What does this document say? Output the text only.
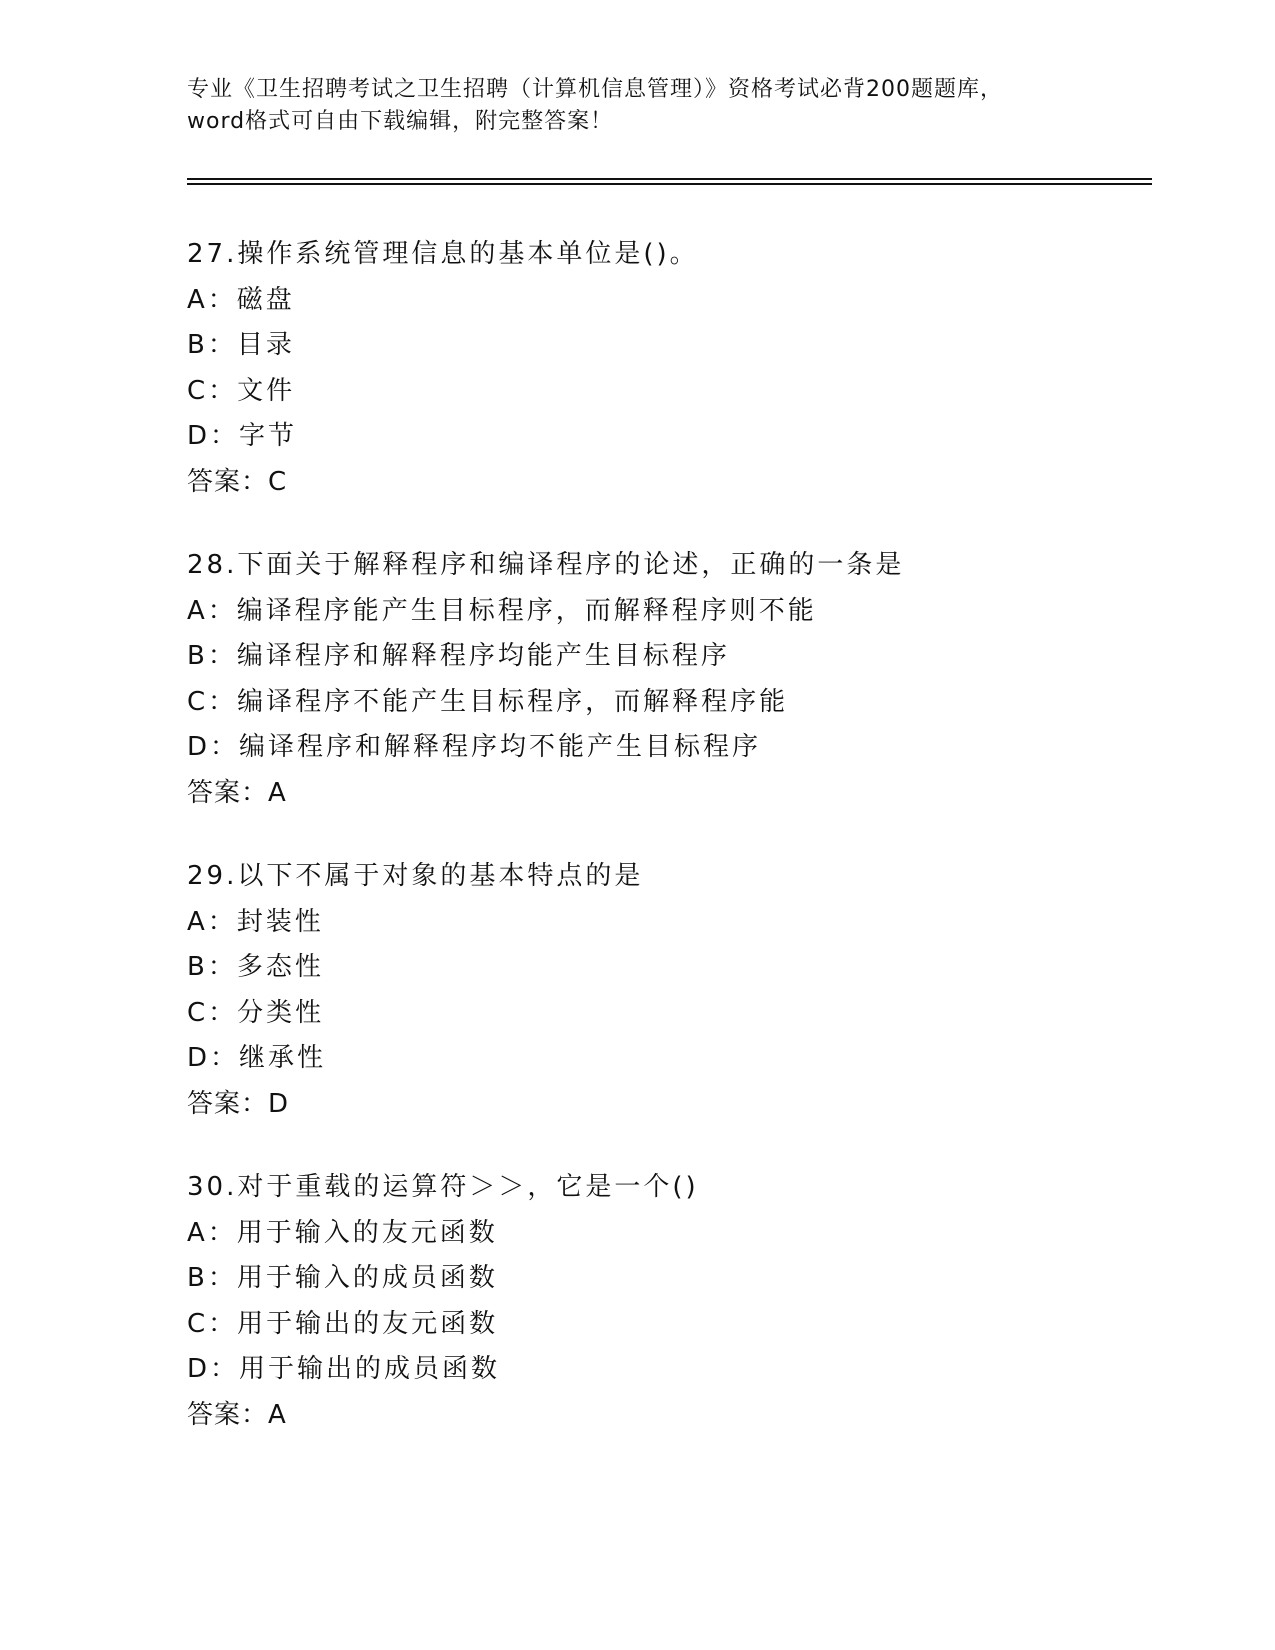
专业《卫生招聘考试之卫生招聘（计算机信息管理）》资格考试必背200题题库，
word格式可自由下载编辑，附完整答案！
27.操作系统管理信息的基本单位是()。
A：磁盘
B：目录
C：文件
D：字节
答案：C
28.下面关于解释程序和编译程序的论述，正确的一条是
A：编译程序能产生目标程序，而解释程序则不能
B：编译程序和解释程序均能产生目标程序
C：编译程序不能产生目标程序，而解释程序能
D：编译程序和解释程序均不能产生目标程序
答案：A
29.以下不属于对象的基本特点的是
A：封装性
B：多态性
C：分类性
D：继承性
答案：D
30.对于重载的运算符＞＞，它是一个()
A：用于输入的友元函数
B：用于输入的成员函数
C：用于输出的友元函数
D：用于输出的成员函数
答案：A
